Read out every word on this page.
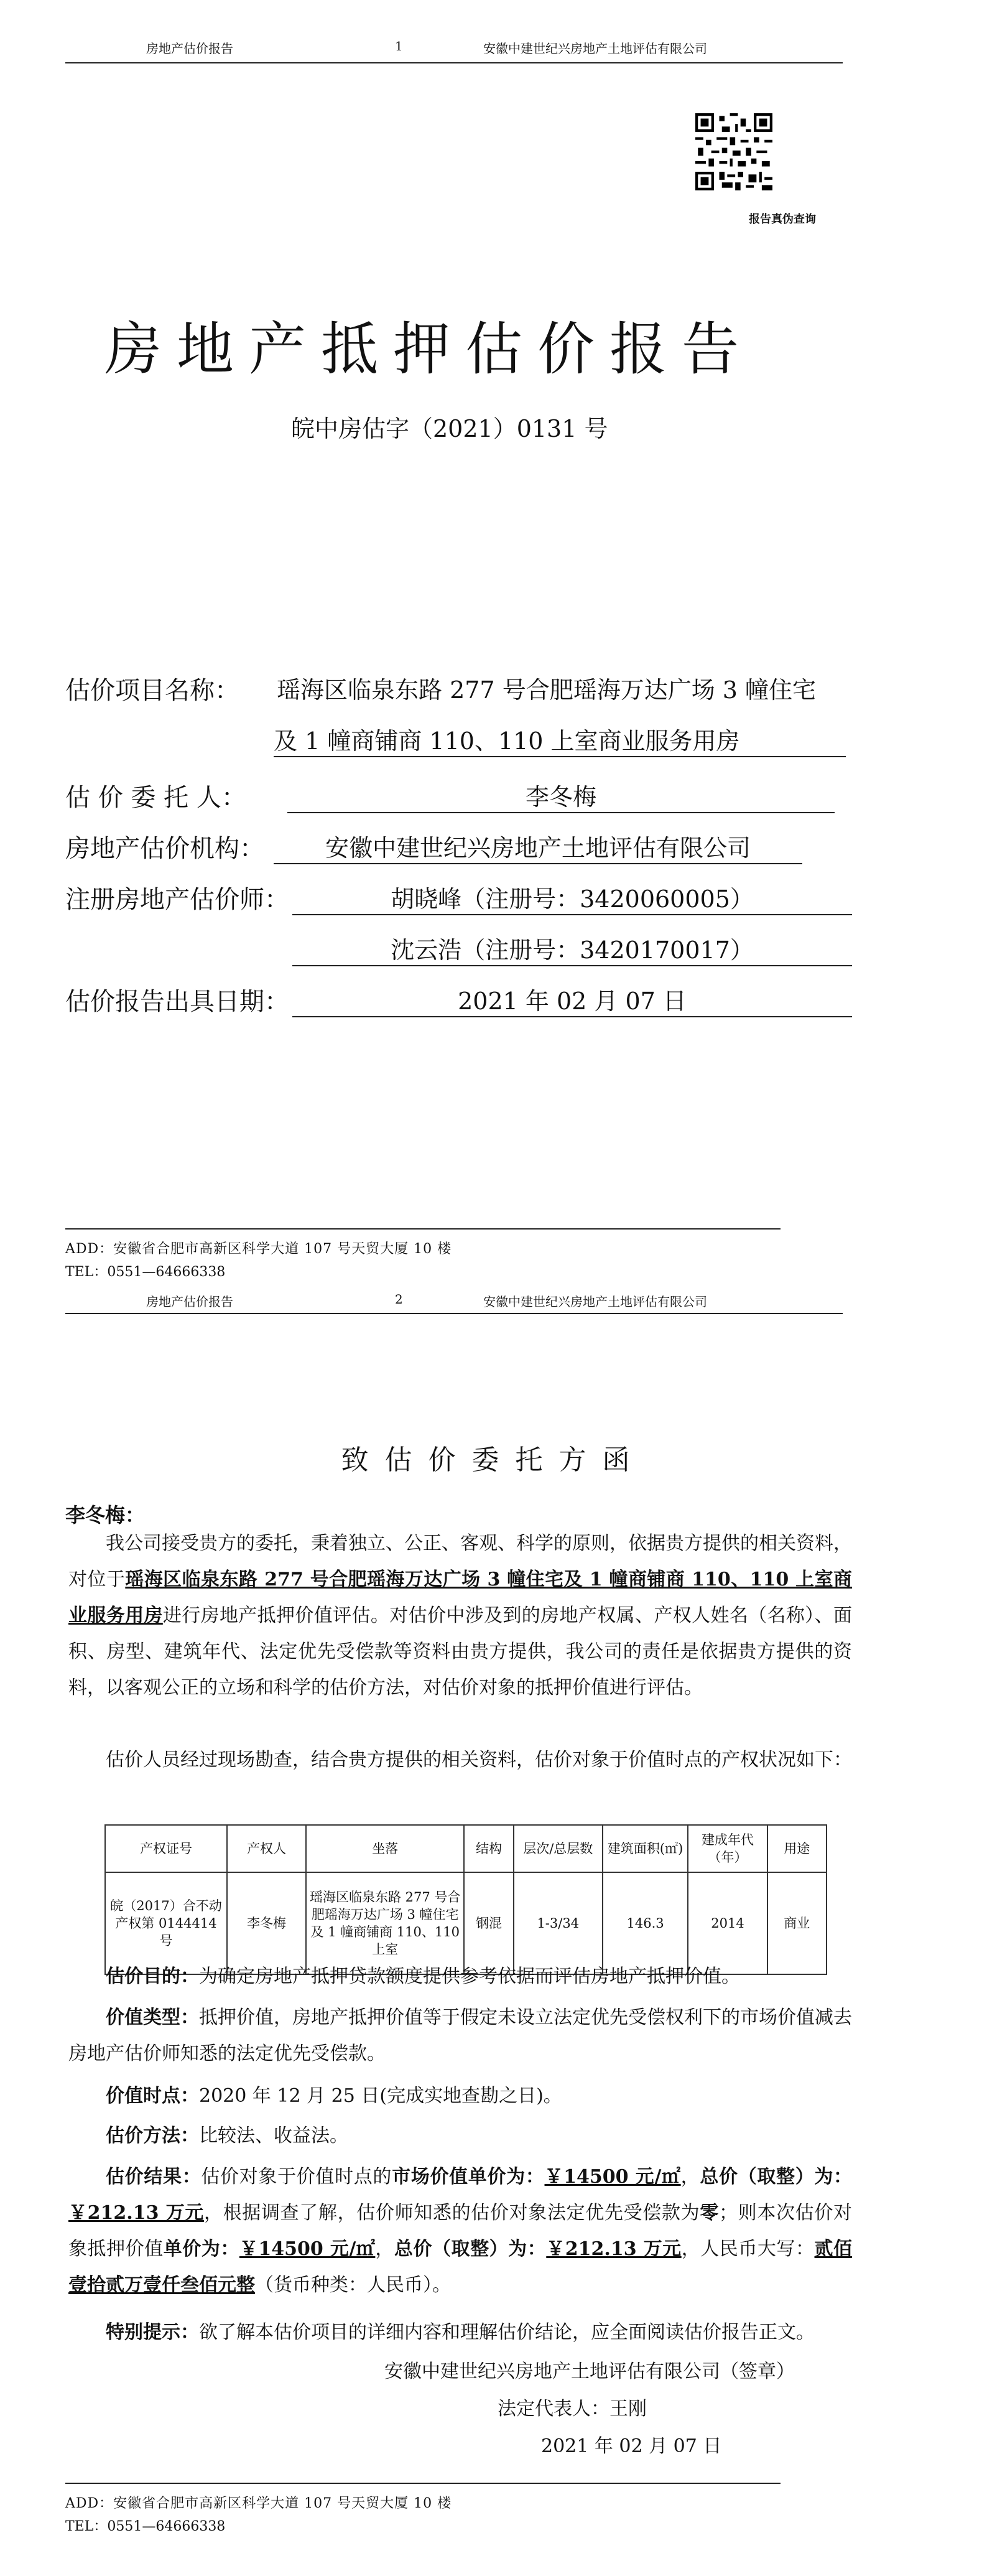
房地产估价报告	1	安徽中建世纪兴房地产土地评估有限公司
报告真伪查询
房地产抵押估价报告
皖中房估字（2021）0131 号
估价项目名称： 瑶海区临泉东路 277 号合肥瑶海万达广场 3 幢住宅
及 1 幢商铺商 110、110 上室商业服务用房
估 价 委 托 人：	李冬梅
房地产估价机构：	安徽中建世纪兴房地产土地评估有限公司
注册房地产估价师：	胡晓峰（注册号：3420060005）
沈云浩（注册号：3420170017）
估价报告出具日期：	2021 年 02 月 07 日
ADD：安徽省合肥市高新区科学大道 107 号天贸大厦 10 楼
TEL：0551—64666338
房地产估价报告	2	安徽中建世纪兴房地产土地评估有限公司
致估价委托方函
李冬梅：
我公司接受贵方的委托，秉着独立、公正、客观、科学的原则，依据贵方提供的相关资料，对位于瑶海区临泉东路 277 号合肥瑶海万达广场 3 幢住宅及 1 幢商铺商 110、110 上室商业服务用房进行房地产抵押价值评估。对估价中涉及到的房地产权属、产权人姓名（名称）、面积、房型、建筑年代、法定优先受偿款等资料由贵方提供，我公司的责任是依据贵方提供的资料，以客观公正的立场和科学的估价方法，对估价对象的抵押价值进行评估。
估价人员经过现场勘查，结合贵方提供的相关资料，估价对象于价值时点的产权状况如下：
产权证号	产权人	坐落	结构	层次/总层数	建筑面积(㎡)	建成年代（年）	用途
皖（2017）合不动产权第 0144414 号	李冬梅	瑶海区临泉东路 277 号合肥瑶海万达广场 3 幢住宅及 1 幢商铺商 110、110 上室	钢混	1-3/34	146.3	2014	商业
估价目的：为确定房地产抵押贷款额度提供参考依据而评估房地产抵押价值。
价值类型：抵押价值，房地产抵押价值等于假定未设立法定优先受偿权利下的市场价值减去房地产估价师知悉的法定优先受偿款。
价值时点：2020 年 12 月 25 日(完成实地查勘之日)。
估价方法：比较法、收益法。
估价结果：估价对象于价值时点的市场价值单价为：￥14500 元/㎡，总价（取整）为：￥212.13 万元，根据调查了解，估价师知悉的估价对象法定优先受偿款为零；则本次估价对象抵押价值单价为：￥14500 元/㎡，总价（取整）为：￥212.13 万元，人民币大写：贰佰壹拾贰万壹仟叁佰元整（货币种类：人民币）。
特别提示：欲了解本估价项目的详细内容和理解估价结论，应全面阅读估价报告正文。
安徽中建世纪兴房地产土地评估有限公司（签章）
法定代表人：王刚
2021 年 02 月 07 日
ADD：安徽省合肥市高新区科学大道 107 号天贸大厦 10 楼
TEL：0551—64666338
